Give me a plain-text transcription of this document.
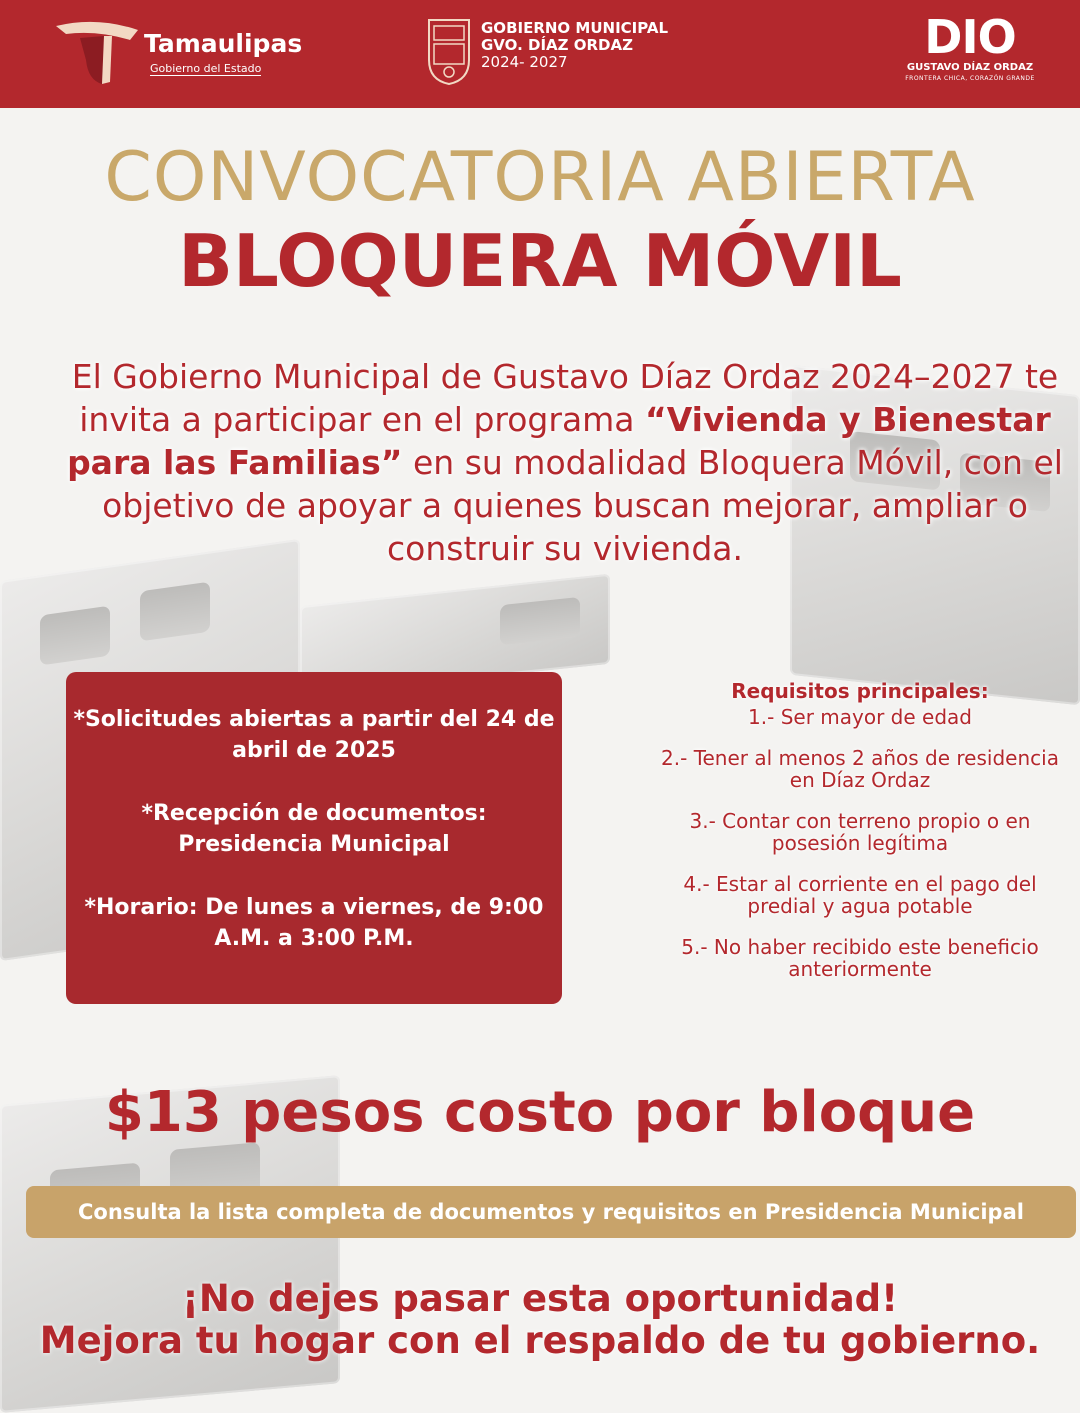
Tamaulipas
Gobierno del Estado
GOBIERNO MUNICIPAL
GVO. DÍAZ ORDAZ
2024- 2027	DIO
GUSTAVO DÍAZ ORDAZ
FRONTERA CHICA, CORAZÓN GRANDE
CONVOCATORIA ABIERTA
BLOQUERA MÓVIL
El Gobierno Municipal de Gustavo Díaz Ordaz 2024–2027 te invita a participar en el programa “Vivienda y Bienestar para las Familias” en su modalidad Bloquera Móvil, con el objetivo de apoyar a quienes buscan mejorar, ampliar o construir su vivienda.

*Solicitudes abiertas a partir del 24 de abril de 2025

*Recepción de documentos: Presidencia Municipal

*Horario: De lunes a viernes, de 9:00 A.M. a 3:00 P.M.

Requisitos principales:
1.- Ser mayor de edad
2.- Tener al menos 2 años de residencia en Díaz Ordaz
3.- Contar con terreno propio o en posesión legítima
4.- Estar al corriente en el pago del predial y agua potable
5.- No haber recibido este beneficio anteriormente
$13 pesos costo por bloque
Consulta la lista completa de documentos y requisitos en Presidencia Municipal
¡No dejes pasar esta oportunidad!
Mejora tu hogar con el respaldo de tu gobierno.
